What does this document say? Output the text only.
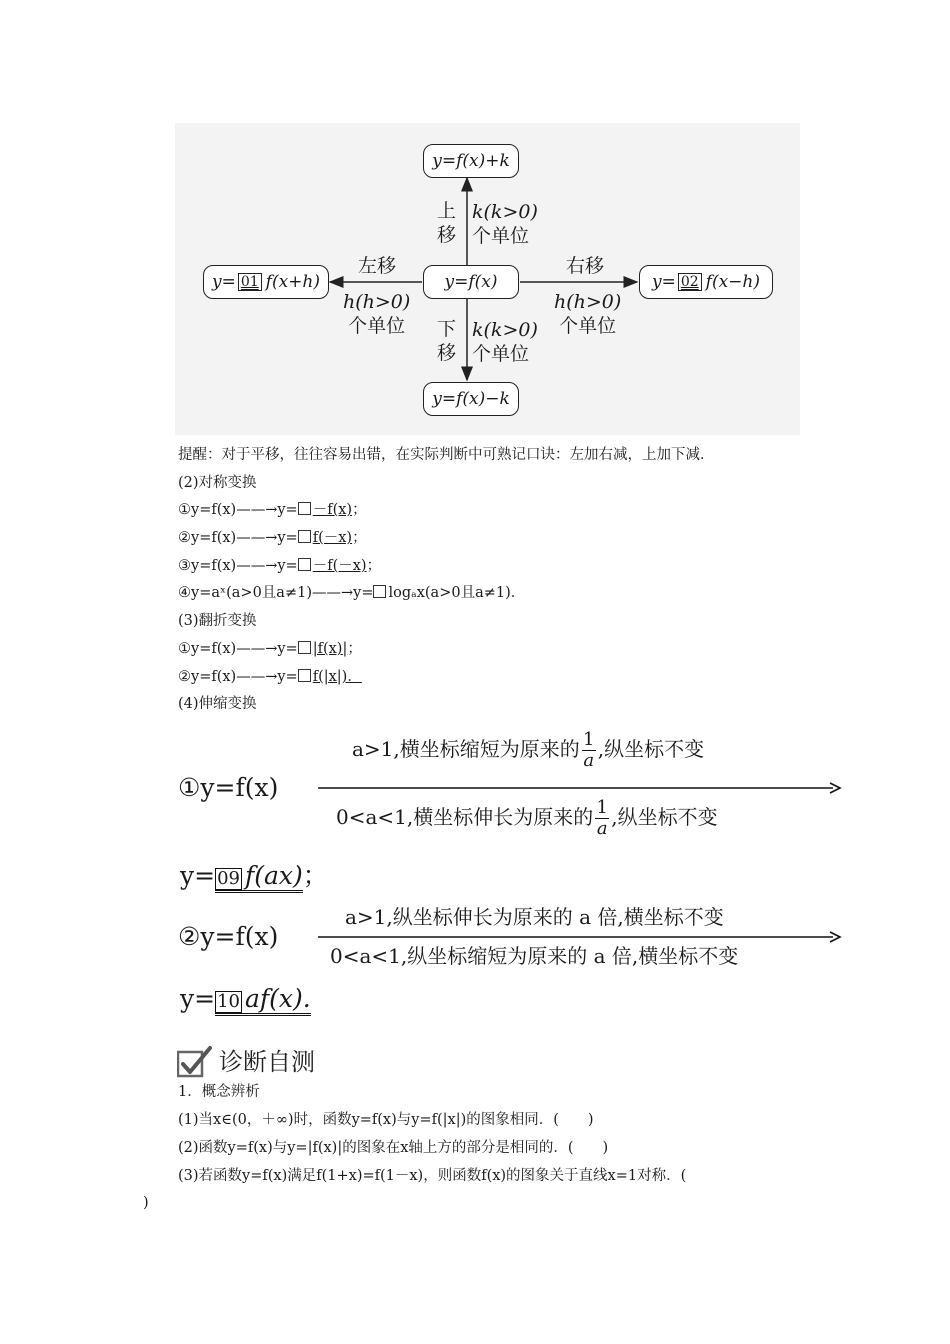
y=f(x)
y=f(x)+k
y=f(x)−k
y= 01 f(x+h)	y= 02 f(x−h)
上
移
k(k>0)
个单位
下
移
k(k>0)
个单位
左移
h(h>0)
个单位
右移
h(h>0)
个单位
提醒：对于平移，往往容易出错，在实际判断中可熟记口诀：左加右减，上加下减．
(2)对称变换
①y=f(x)——→y= －f(x)；
②y=f(x)——→y= f(－x)；
③y=f(x)——→y= －f(－x)；
④y=aˣ(a>0且a≠1)——→y= logₐx(a>0且a≠1)．
(3)翻折变换
①y=f(x)——→y= |f(x)|；
②y=f(x)——→y= f(|x|)．
(4)伸缩变换
①y=f(x)
a>1,横坐标缩短为原来的 $\frac{1}{a}$ ,纵坐标不变
0<a<1,横坐标伸长为原来的 $\frac{1}{a}$ ,纵坐标不变
y= 09 f(ax)；
②y=f(x)
a>1,纵坐标伸长为原来的 a 倍,横坐标不变
0<a<1,纵坐标缩短为原来的 a 倍,横坐标不变
y= 10 af(x).
诊断自测
1．概念辨析
(1)当x∈(0，＋∞)时，函数y=f(x)与y=f(|x|)的图象相同．(　　)
(2)函数y=f(x)与y=|f(x)|的图象在x轴上方的部分是相同的．(　　)
(3)若函数y=f(x)满足f(1+x)=f(1－x)，则函数f(x)的图象关于直线x=1对称．(
)
